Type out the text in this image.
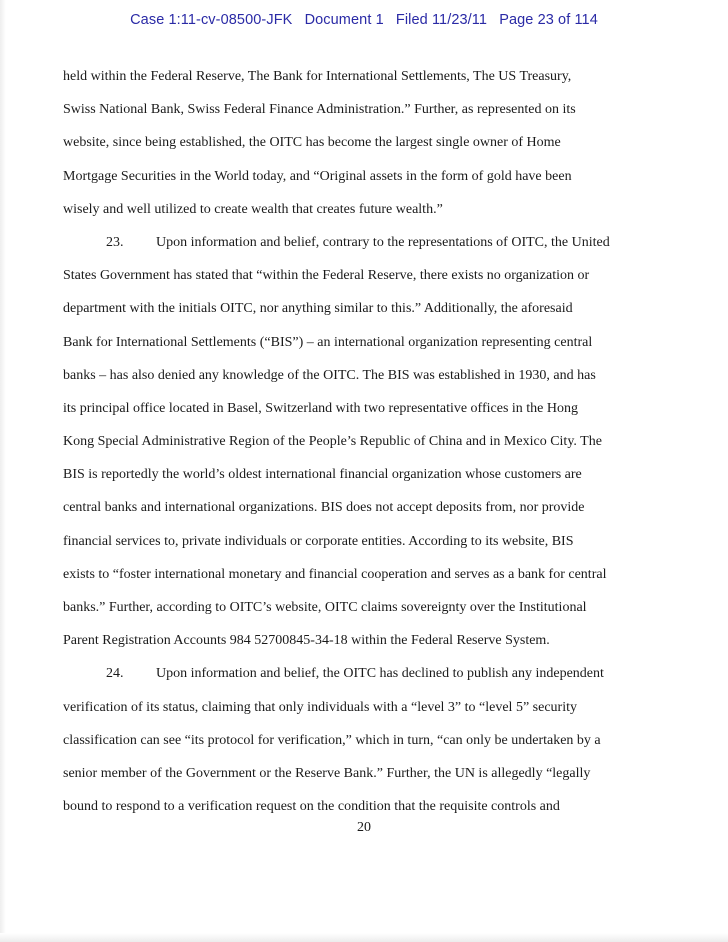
Case 1:11-cv-08500-JFK Document 1 Filed 11/23/11 Page 23 of 114
held within the Federal Reserve, The Bank for International Settlements, The US Treasury,
Swiss National Bank, Swiss Federal Finance Administration.” Further, as represented on its
website, since being established, the OITC has become the largest single owner of Home
Mortgage Securities in the World today, and “Original assets in the form of gold have been
wisely and well utilized to create wealth that creates future wealth.”
23. Upon information and belief, contrary to the representations of OITC, the United
States Government has stated that “within the Federal Reserve, there exists no organization or
department with the initials OITC, nor anything similar to this.” Additionally, the aforesaid
Bank for International Settlements (“BIS”) – an international organization representing central
banks – has also denied any knowledge of the OITC. The BIS was established in 1930, and has
its principal office located in Basel, Switzerland with two representative offices in the Hong
Kong Special Administrative Region of the People’s Republic of China and in Mexico City. The
BIS is reportedly the world’s oldest international financial organization whose customers are
central banks and international organizations. BIS does not accept deposits from, nor provide
financial services to, private individuals or corporate entities. According to its website, BIS
exists to “foster international monetary and financial cooperation and serves as a bank for central
banks.” Further, according to OITC’s website, OITC claims sovereignty over the Institutional
Parent Registration Accounts 984 52700845-34-18 within the Federal Reserve System.
24. Upon information and belief, the OITC has declined to publish any independent
verification of its status, claiming that only individuals with a “level 3” to “level 5” security
classification can see “its protocol for verification,” which in turn, “can only be undertaken by a
senior member of the Government or the Reserve Bank.” Further, the UN is allegedly “legally
bound to respond to a verification request on the condition that the requisite controls and
20
